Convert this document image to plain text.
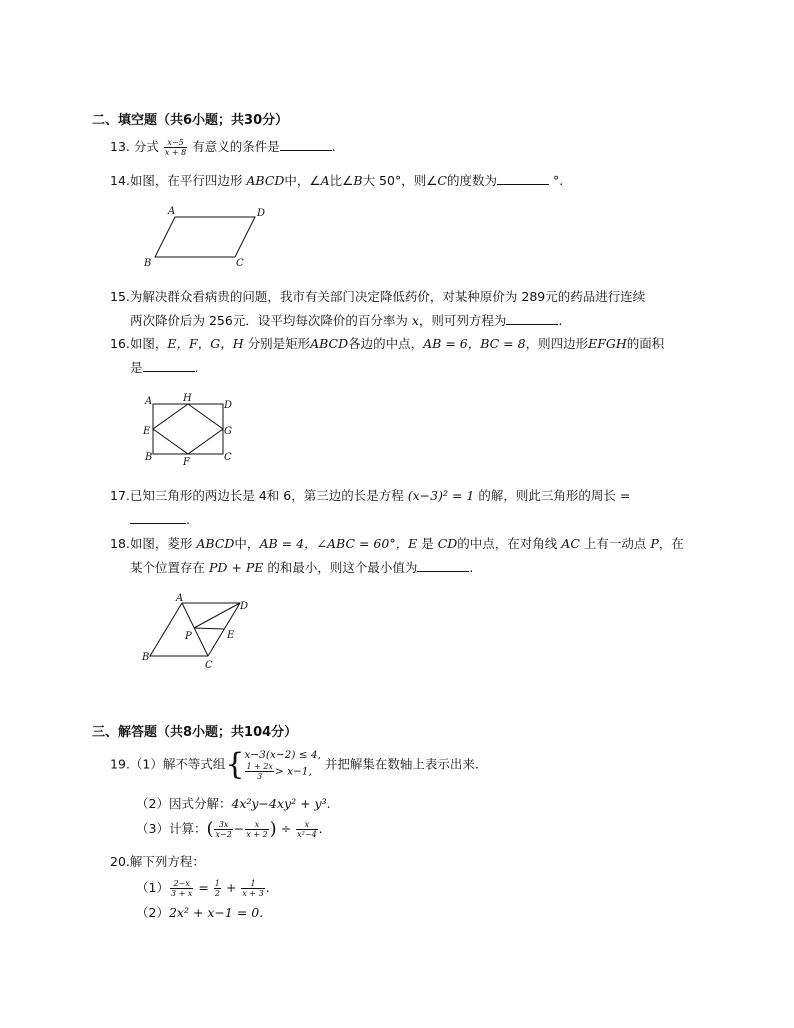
二、填空题（共6小题；共30分）
13. 分式 $\frac{x-5}{x + 8}$ 有意义的条件是	.
14.如图，在平行四边形 ABCD中，∠A比∠B大 50°，则∠C的度数为	°.
A	D
B	C
15.为解决群众看病贵的问题，我市有关部门决定降低药价，对某种原价为 289元的药品进行连续
两次降价后为 256元．设平均每次降价的百分率为 x，则可列方程为	.
16.如图，E，F，G，H 分别是矩形ABCD各边的中点，AB = 6，BC = 8，则四边形EFGH的面积
是	.
A	H
D
E	G
B	F	C
17.已知三角形的两边长是 4和 6，第三边的长是方程 (x−3)² = 1 的解，则此三角形的周长 =
.
18.如图，菱形 ABCD中，AB = 4，∠ABC = 60°，E 是 CD的中点，在对角线 AC 上有一动点 P，在
某个位置存在 PD + PE 的和最小，则这个最小值为	.
A
D
E
P
B
C
三、解答题（共8小题；共104分）
19.（1）解不等式组{ x−3(x−2) ≤ 4,
$\frac{1 + 2x}{3} > x-1$,	并把解集在数轴上表示出来.
（2）因式分解：4x²y−4xy² + y³.
（3）计算：( $\frac{3x}{x-2} - \frac{x}{x + 2}$ ) ÷ $\frac{x}{\text{x²−4}}$ .
20.解下列方程：
$(1) \frac{2-x}{3 + x} = \frac{1}{2} + \frac{1}{x + 3}$ .
（2）2x² + x−1 = 0.
